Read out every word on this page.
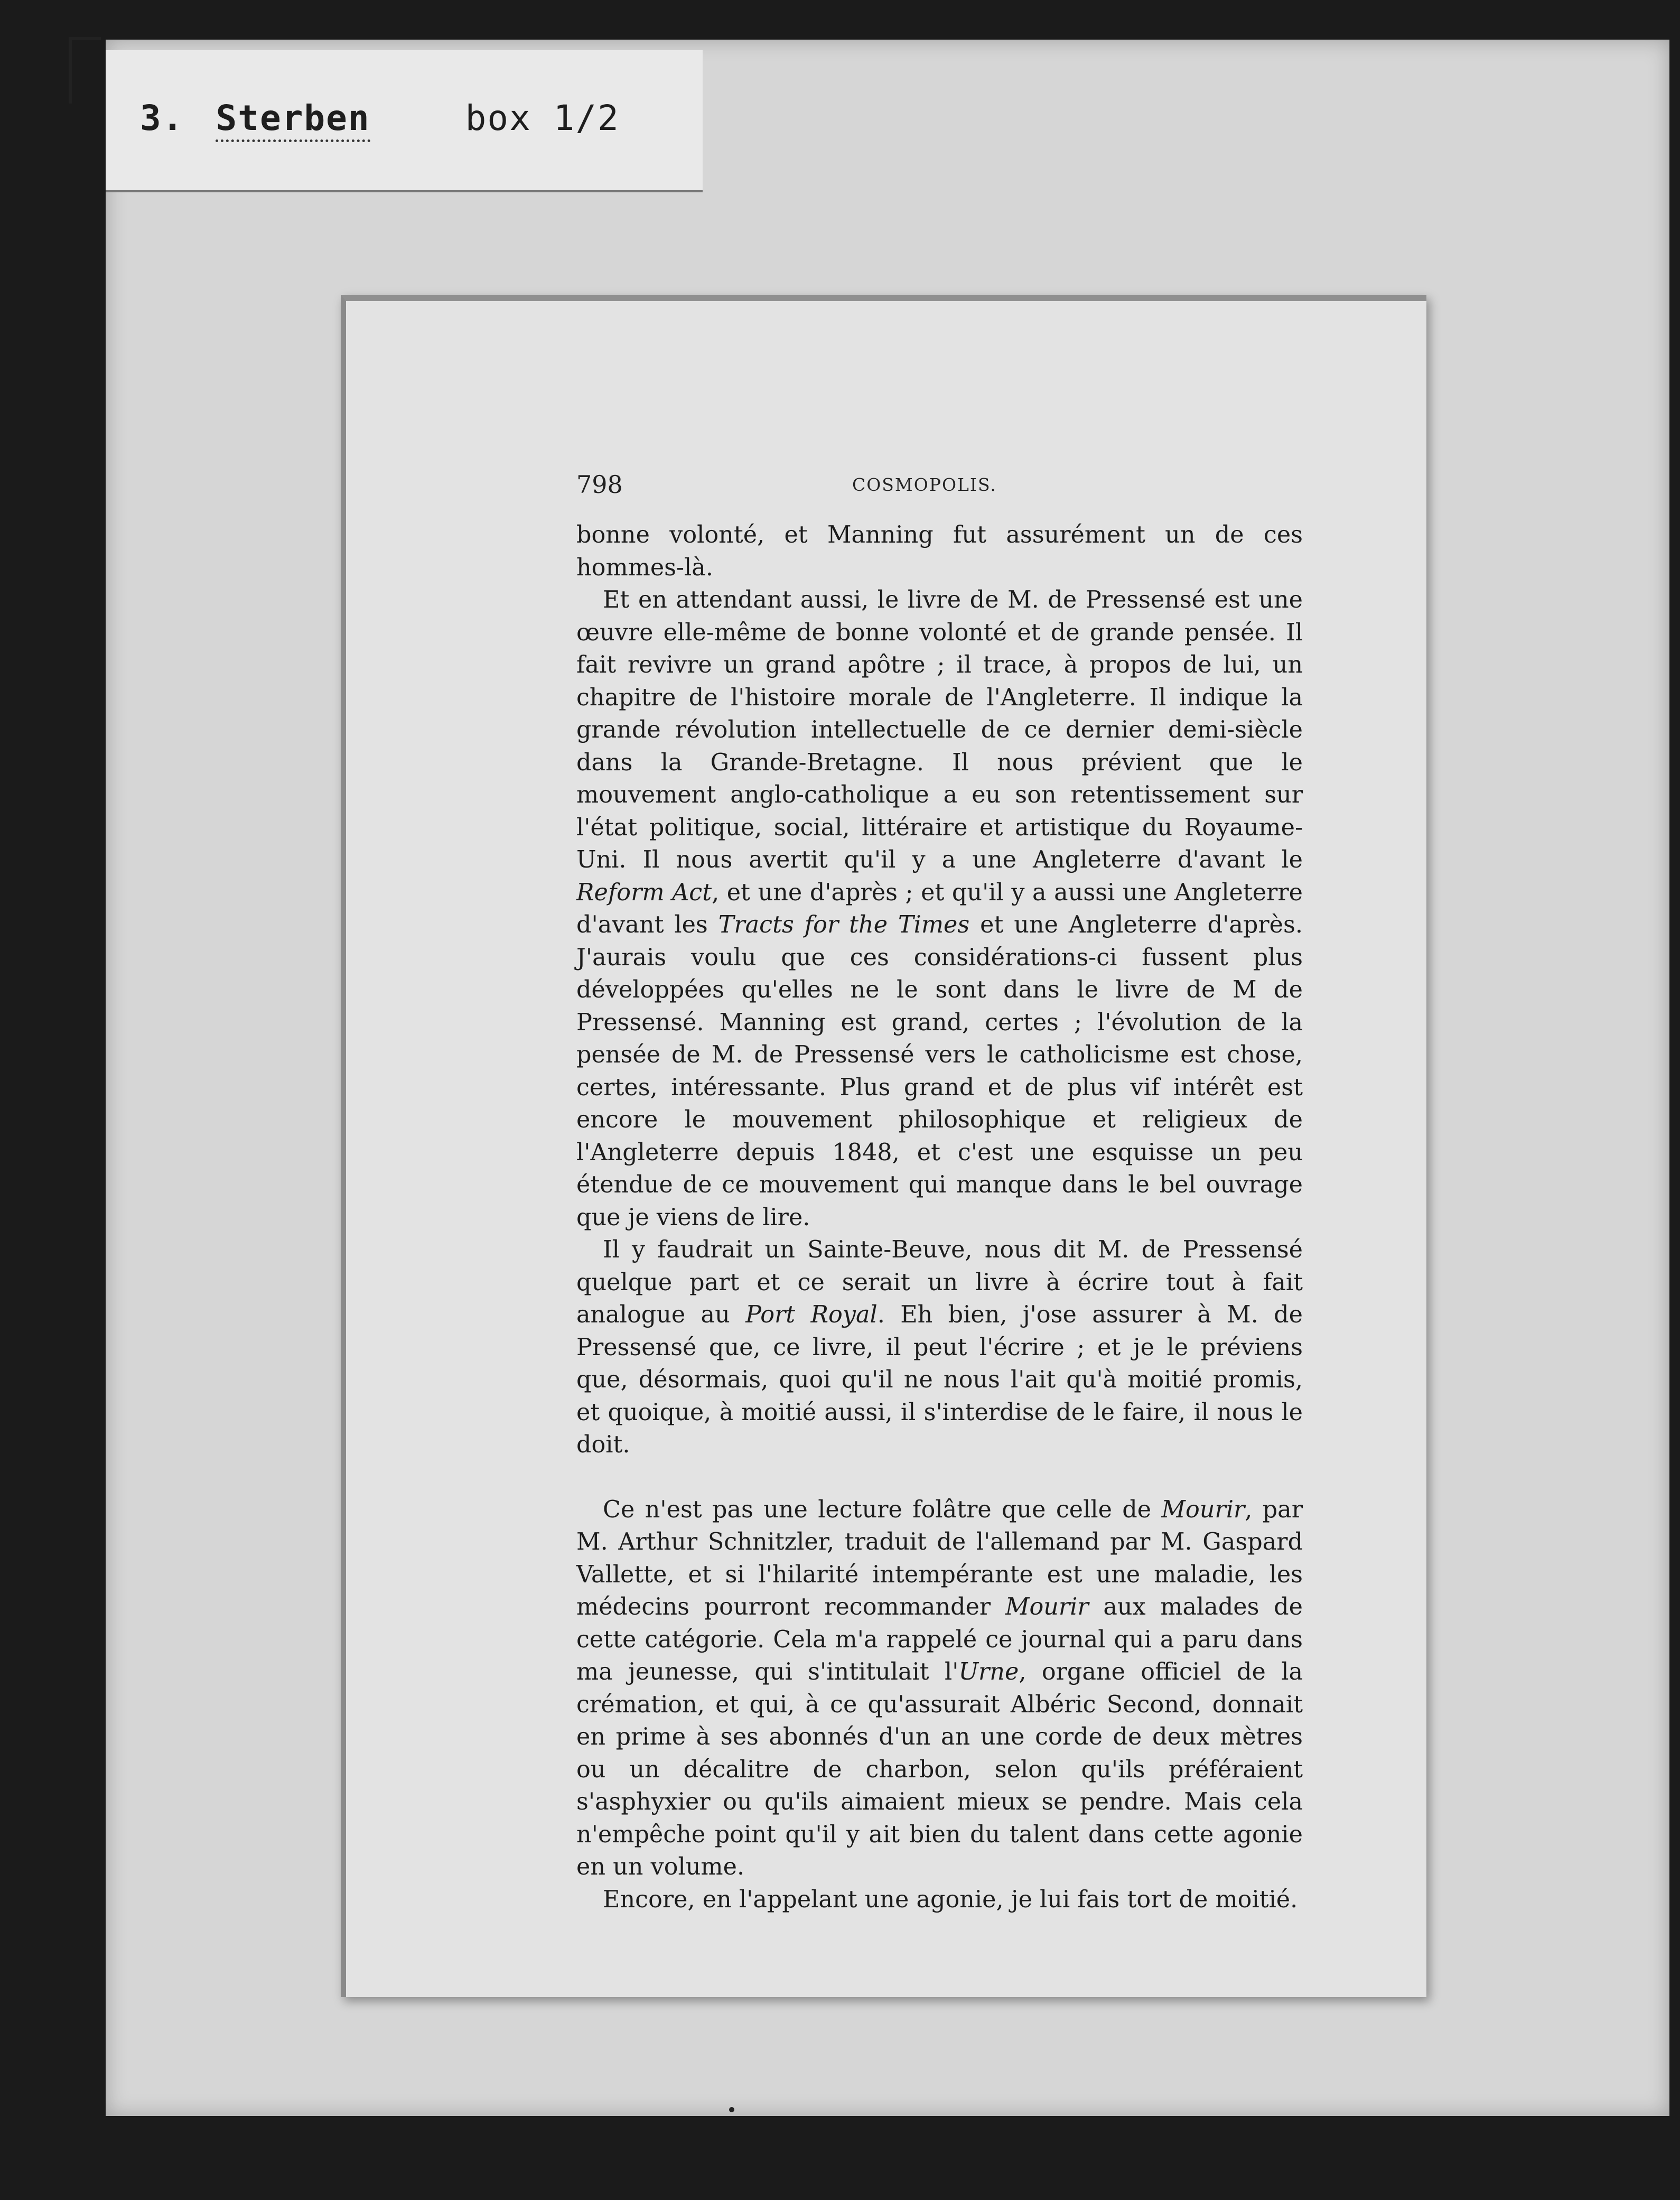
3. Sterben	box 1/2
798	COSMOPOLIS.

bonne volonté, et Manning fut assurément un de ces hommes-là.

Et en attendant aussi, le livre de M. de Pressensé est une œuvre elle-même de bonne volonté et de grande pensée. Il fait revivre un grand apôtre ; il trace, à propos de lui, un chapitre de l'histoire morale de l'Angleterre. Il indique la grande révolution intellectuelle de ce dernier demi-siècle dans la Grande-Bretagne. Il nous prévient que le mouvement anglo-catholique a eu son retentissement sur l'état politique, social, littéraire et artistique du Royaume-Uni. Il nous avertit qu'il y a une Angleterre d'avant le Reform Act, et une d'après ; et qu'il y a aussi une Angleterre d'avant les Tracts for the Times et une Angleterre d'après. J'aurais voulu que ces considérations-ci fussent plus développées qu'elles ne le sont dans le livre de M de Pressensé. Manning est grand, certes ; l'évolution de la pensée de M. de Pressensé vers le catholicisme est chose, certes, intéressante. Plus grand et de plus vif intérêt est encore le mouvement philosophique et religieux de l'Angleterre depuis 1848, et c'est une esquisse un peu étendue de ce mouvement qui manque dans le bel ouvrage que je viens de lire.

Il y faudrait un Sainte-Beuve, nous dit M. de Pressensé quelque part et ce serait un livre à écrire tout à fait analogue au Port Royal. Eh bien, j'ose assurer à M. de Pressensé que, ce livre, il peut l'écrire ; et je le préviens que, désormais, quoi qu'il ne nous l'ait qu'à moitié promis, et quoique, à moitié aussi, il s'interdise de le faire, il nous le doit.

Ce n'est pas une lecture folâtre que celle de Mourir, par M. Arthur Schnitzler, traduit de l'allemand par M. Gaspard Vallette, et si l'hilarité intempérante est une maladie, les médecins pourront recommander Mourir aux malades de cette catégorie. Cela m'a rappelé ce journal qui a paru dans ma jeunesse, qui s'intitulait l'Urne, organe officiel de la crémation, et qui, à ce qu'assurait Albéric Second, donnait en prime à ses abonnés d'un an une corde de deux mètres ou un décalitre de charbon, selon qu'ils préféraient s'asphyxier ou qu'ils aimaient mieux se pendre. Mais cela n'empêche point qu'il y ait bien du talent dans cette agonie en un volume.

Encore, en l'appelant une agonie, je lui fais tort de moitié.
